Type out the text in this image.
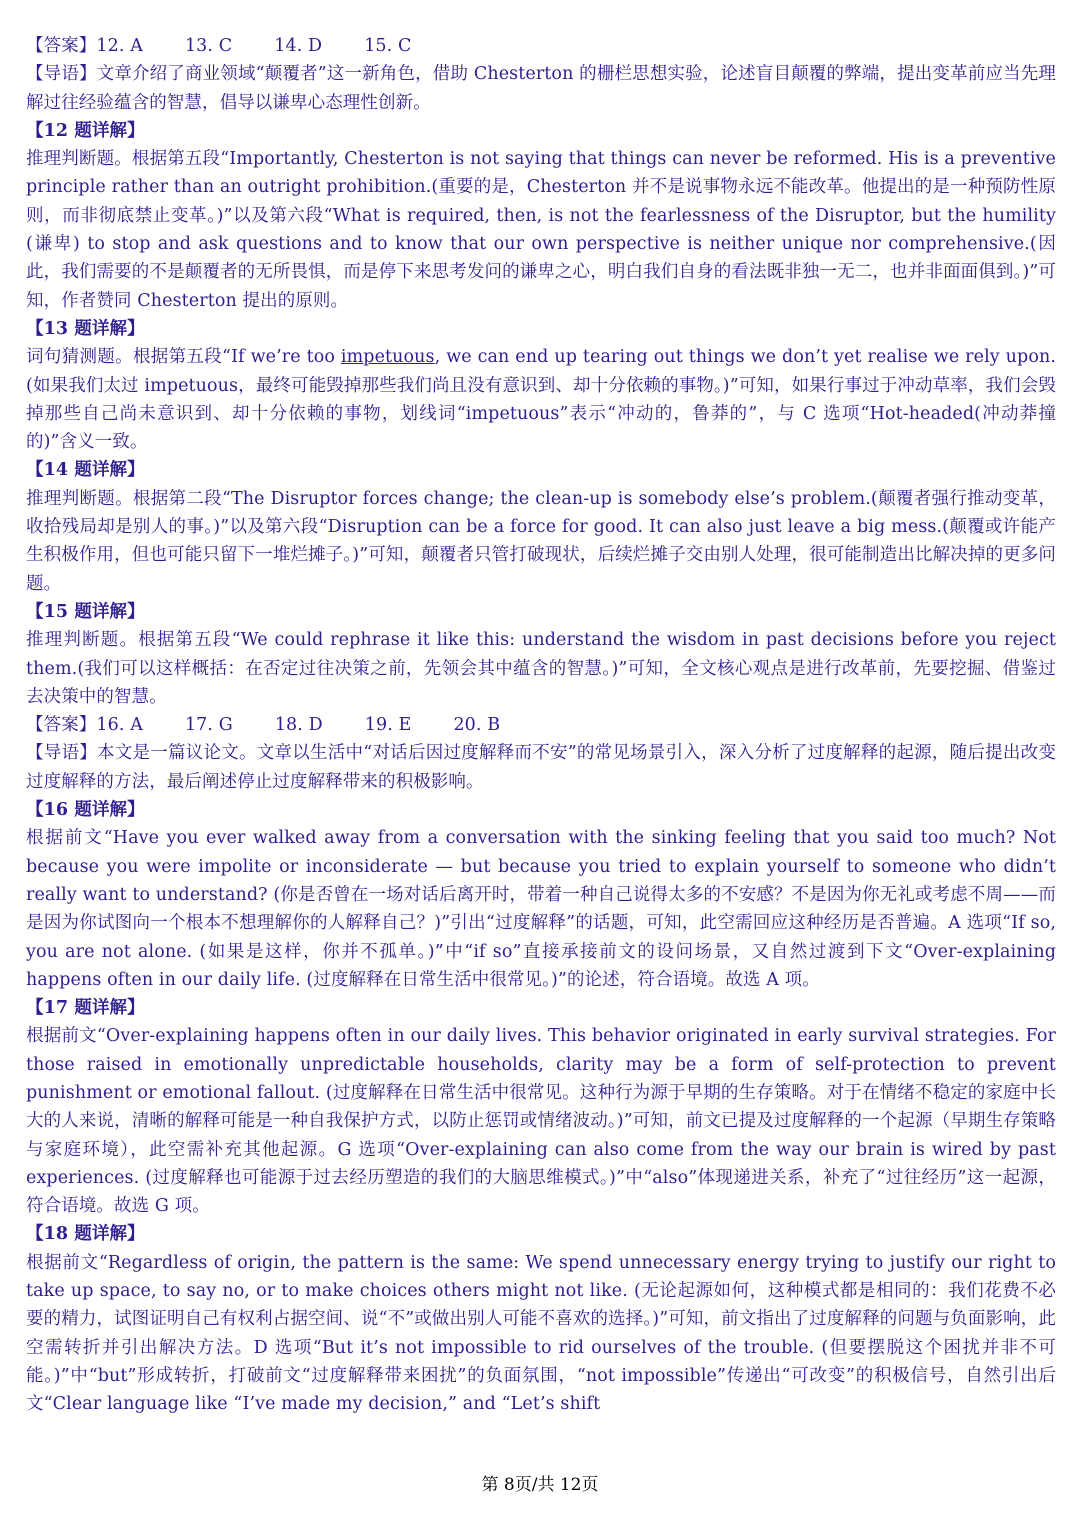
【答案】12. A 13. C 14. D 15. C

【导语】文章介绍了商业领域“颠覆者”这一新角色，借助 Chesterton 的栅栏思想实验，论述盲目颠覆的弊端，提出变革前应当先理解过往经验蕴含的智慧，倡导以谦卑心态理性创新。

【12 题详解】

推理判断题。根据第五段“Importantly, Chesterton is not saying that things can never be reformed. His is a preventive principle rather than an outright prohibition.(重要的是，Chesterton 并不是说事物永远不能改革。他提出的是一种预防性原则，而非彻底禁止变革。)”以及第六段“What is required, then, is not the fearlessness of the Disruptor, but the humility (谦卑) to stop and ask questions and to know that our own perspective is neither unique nor comprehensive.(因此，我们需要的不是颠覆者的无所畏惧，而是停下来思考发问的谦卑之心，明白我们自身的看法既非独一无二，也并非面面俱到。)”可知，作者赞同 Chesterton 提出的原则。

【13 题详解】

词句猜测题。根据第五段“If we’re too impetuous, we can end up tearing out things we don’t yet realise we rely upon.(如果我们太过 impetuous，最终可能毁掉那些我们尚且没有意识到、却十分依赖的事物。)”可知，如果行事过于冲动草率，我们会毁掉那些自己尚未意识到、却十分依赖的事物，划线词“impetuous”表示“冲动的，鲁莽的”，与 C 选项“Hot-headed(冲动莽撞的)”含义一致。

【14 题详解】

推理判断题。根据第二段“The Disruptor forces change; the clean-up is somebody else’s problem.(颠覆者强行推动变革，收拾残局却是别人的事。)”以及第六段“Disruption can be a force for good. It can also just leave a big mess.(颠覆或许能产生积极作用，但也可能只留下一堆烂摊子。)”可知，颠覆者只管打破现状，后续烂摊子交由别人处理，很可能制造出比解决掉的更多问题。

【15 题详解】

推理判断题。根据第五段“We could rephrase it like this: understand the wisdom in past decisions before you reject them.(我们可以这样概括：在否定过往决策之前，先领会其中蕴含的智慧。)”可知，全文核心观点是进行改革前，先要挖掘、借鉴过去决策中的智慧。

【答案】16. A 17. G 18. D 19. E 20. B

【导语】本文是一篇议论文。文章以生活中“对话后因过度解释而不安”的常见场景引入，深入分析了过度解释的起源，随后提出改变过度解释的方法，最后阐述停止过度解释带来的积极影响。

【16 题详解】

根据前文“Have you ever walked away from a conversation with the sinking feeling that you said too much? Not because you were impolite or inconsiderate — but because you tried to explain yourself to someone who didn’t really want to understand? (你是否曾在一场对话后离开时，带着一种自己说得太多的不安感？不是因为你无礼或考虑不周——而是因为你试图向一个根本不想理解你的人解释自己？)”引出“过度解释”的话题，可知，此空需回应这种经历是否普遍。A 选项“If so, you are not alone. (如果是这样，你并不孤单。)”中“if so”直接承接前文的设问场景，又自然过渡到下文“Over-explaining happens often in our daily life. (过度解释在日常生活中很常见。)”的论述，符合语境。故选 A 项。

【17 题详解】

根据前文“Over-explaining happens often in our daily lives. This behavior originated in early survival strategies. For those raised in emotionally unpredictable households, clarity may be a form of self-protection to prevent punishment or emotional fallout. (过度解释在日常生活中很常见。这种行为源于早期的生存策略。对于在情绪不稳定的家庭中长大的人来说，清晰的解释可能是一种自我保护方式，以防止惩罚或情绪波动。)”可知，前文已提及过度解释的一个起源（早期生存策略与家庭环境），此空需补充其他起源。G 选项“Over-explaining can also come from the way our brain is wired by past experiences. (过度解释也可能源于过去经历塑造的我们的大脑思维模式。)”中“also”体现递进关系，补充了“过往经历”这一起源，符合语境。故选 G 项。

【18 题详解】

根据前文“Regardless of origin, the pattern is the same: We spend unnecessary energy trying to justify our right to take up space, to say no, or to make choices others might not like. (无论起源如何，这种模式都是相同的：我们花费不必要的精力，试图证明自己有权利占据空间、说“不”或做出别人可能不喜欢的选择。)”可知，前文指出了过度解释的问题与负面影响，此空需转折并引出解决方法。D 选项“But it’s not impossible to rid ourselves of the trouble. (但要摆脱这个困扰并非不可能。)”中“but”形成转折，打破前文“过度解释带来困扰”的负面氛围，“not impossible”传递出“可改变”的积极信号，自然引出后文“Clear language like “I’ve made my decision,” and “Let’s shift

第 8页/共 12页
